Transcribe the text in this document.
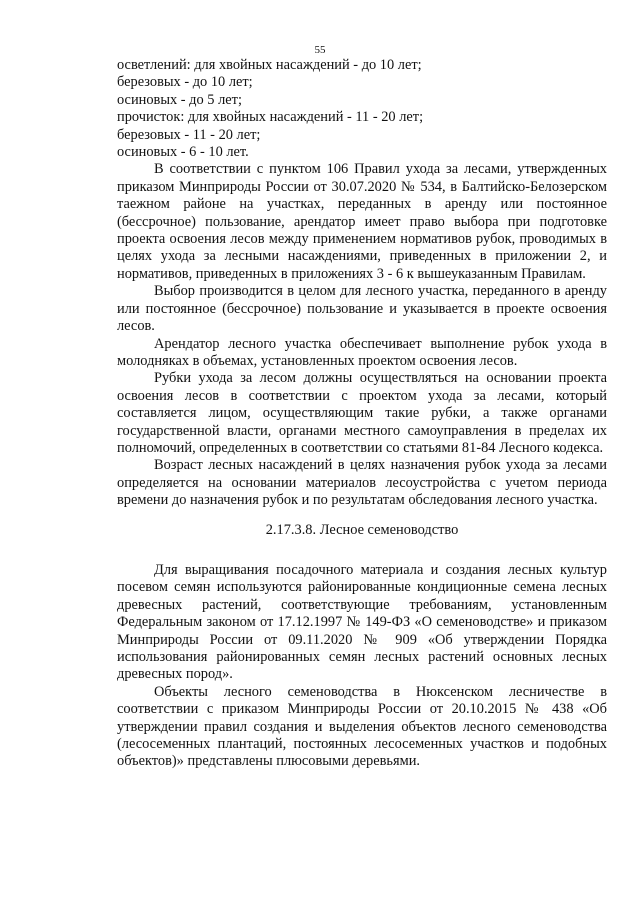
55

осветлений: для хвойных насаждений - до 10 лет;

березовых - до 10 лет;

осиновых - до 5 лет;

прочисток: для хвойных насаждений - 11 - 20 лет;

березовых - 11 - 20 лет;

осиновых - 6 - 10 лет.

В соответствии с пунктом 106 Правил ухода за лесами, утвержденных приказом Минприроды России от 30.07.2020 № 534, в Балтийско-Белозерском таежном районе на участках, переданных в аренду или постоянное (бессрочное) пользование, арендатор имеет право выбора при подготовке проекта освоения лесов между применением нормативов рубок, проводимых в целях ухода за лесными насаждениями, приведенных в приложении 2, и нормативов, приведенных в приложениях 3 - 6 к вышеуказанным Правилам.

Выбор производится в целом для лесного участка, переданного в аренду или постоянное (бессрочное) пользование и указывается в проекте освоения лесов.

Арендатор лесного участка обеспечивает выполнение рубок ухода в молодняках в объемах, установленных проектом освоения лесов.

Рубки ухода за лесом должны осуществляться на основании проекта освоения лесов в соответствии с проектом ухода за лесами, который составляется лицом, осуществляющим такие рубки, а также органами государственной власти, органами местного самоуправления в пределах их полномочий, определенных в соответствии со статьями 81-84 Лесного кодекса.

Возраст лесных насаждений в целях назначения рубок ухода за лесами определяется на основании материалов лесоустройства с учетом периода времени до назначения рубок и по результатам обследования лесного участка.

2.17.3.8. Лесное семеноводство

Для выращивания посадочного материала и создания лесных культур посевом семян используются районированные кондиционные семена лесных древесных растений, соответствующие требованиям, установленным Федеральным законом от 17.12.1997 № 149-ФЗ «О семеноводстве» и приказом Минприроды России от 09.11.2020 № 909 «Об утверждении Порядка использования районированных семян лесных растений основных лесных древесных пород».

Объекты лесного семеноводства в Нюксенском лесничестве в соответствии с приказом Минприроды России от 20.10.2015 № 438 «Об утверждении правил создания и выделения объектов лесного семеноводства (лесосеменных плантаций, постоянных лесосеменных участков и подобных объектов)» представлены плюсовыми деревьями.
